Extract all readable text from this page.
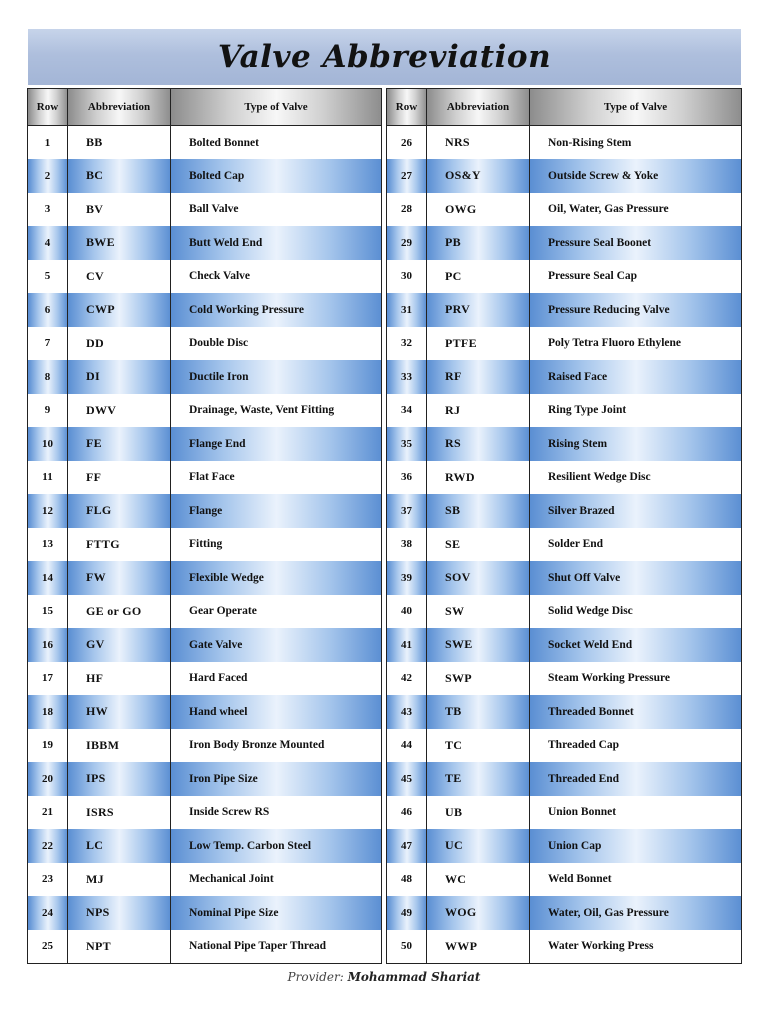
Valve Abbreviation
Row	Abbreviation	Type of Valve
1	BB	Bolted Bonnet
2	BC	Bolted Cap
3	BV	Ball Valve
4	BWE	Butt Weld End
5	CV	Check Valve
6	CWP	Cold Working Pressure
7	DD	Double Disc
8	DI	Ductile Iron
9	DWV	Drainage, Waste, Vent Fitting
10	FE	Flange End
11	FF	Flat Face
12	FLG	Flange
13	FTTG	Fitting
14	FW	Flexible Wedge
15	GE or GO	Gear Operate
16	GV	Gate Valve
17	HF	Hard Faced
18	HW	Hand wheel
19	IBBM	Iron Body Bronze Mounted
20	IPS	Iron Pipe Size
21	ISRS	Inside Screw RS
22	LC	Low Temp. Carbon Steel
23	MJ	Mechanical Joint
24	NPS	Nominal Pipe Size
25	NPT	National Pipe Taper Thread
Row	Abbreviation	Type of Valve
26	NRS	Non-Rising Stem
27	OS&Y	Outside Screw & Yoke
28	OWG	Oil, Water, Gas Pressure
29	PB	Pressure Seal Boonet
30	PC	Pressure Seal Cap
31	PRV	Pressure Reducing Valve
32	PTFE	Poly Tetra Fluoro Ethylene
33	RF	Raised Face
34	RJ	Ring Type Joint
35	RS	Rising Stem
36	RWD	Resilient Wedge Disc
37	SB	Silver Brazed
38	SE	Solder End
39	SOV	Shut Off Valve
40	SW	Solid Wedge Disc
41	SWE	Socket Weld End
42	SWP	Steam Working Pressure
43	TB	Threaded Bonnet
44	TC	Threaded Cap
45	TE	Threaded End
46	UB	Union Bonnet
47	UC	Union Cap
48	WC	Weld Bonnet
49	WOG	Water, Oil, Gas Pressure
50	WWP	Water Working Press
Provider: Mohammad Shariat
